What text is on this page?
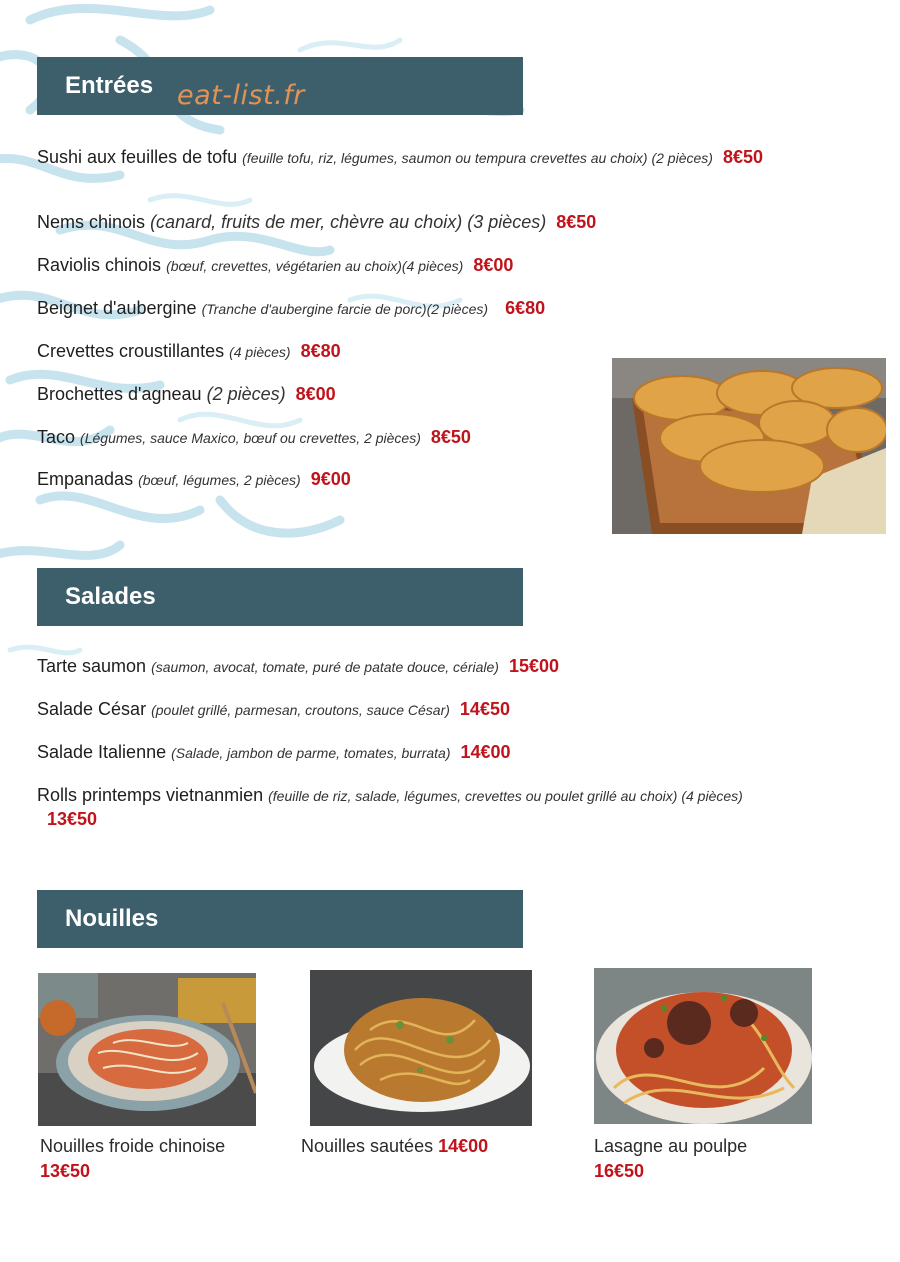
Entrées eat-list.fr
Sushi aux feuilles de tofu (feuille tofu, riz, légumes, saumon ou tempura crevettes au choix) (2 pièces) 8€50
Nems chinois (canard, fruits de mer, chèvre au choix) (3 pièces) 8€50
Raviolis chinois (bœuf, crevettes, végétarien au choix)(4 pièces) 8€00
Beignet d'aubergine (Tranche d'aubergine farcie de porc)(2 pièces) 6€80
Crevettes croustillantes (4 pièces) 8€80
Brochettes d'agneau (2 pièces) 8€00
Taco (Légumes, sauce Maxico, bœuf ou crevettes, 2 pièces) 8€50
Empanadas (bœuf, légumes, 2 pièces) 9€00
Salades
Tarte saumon (saumon, avocat, tomate, puré de patate douce, cériale) 15€00
Salade César (poulet grillé, parmesan, croutons, sauce César) 14€50
Salade Italienne (Salade, jambon de parme, tomates, burrata) 14€00
Rolls printemps vietnanmien (feuille de riz, salade, légumes, crevettes ou poulet grillé au choix) (4 pièces) 13€50
Nouilles
Nouilles froide chinoise
13€50
Nouilles sautées 14€00	Lasagne au poulpe
16€50
